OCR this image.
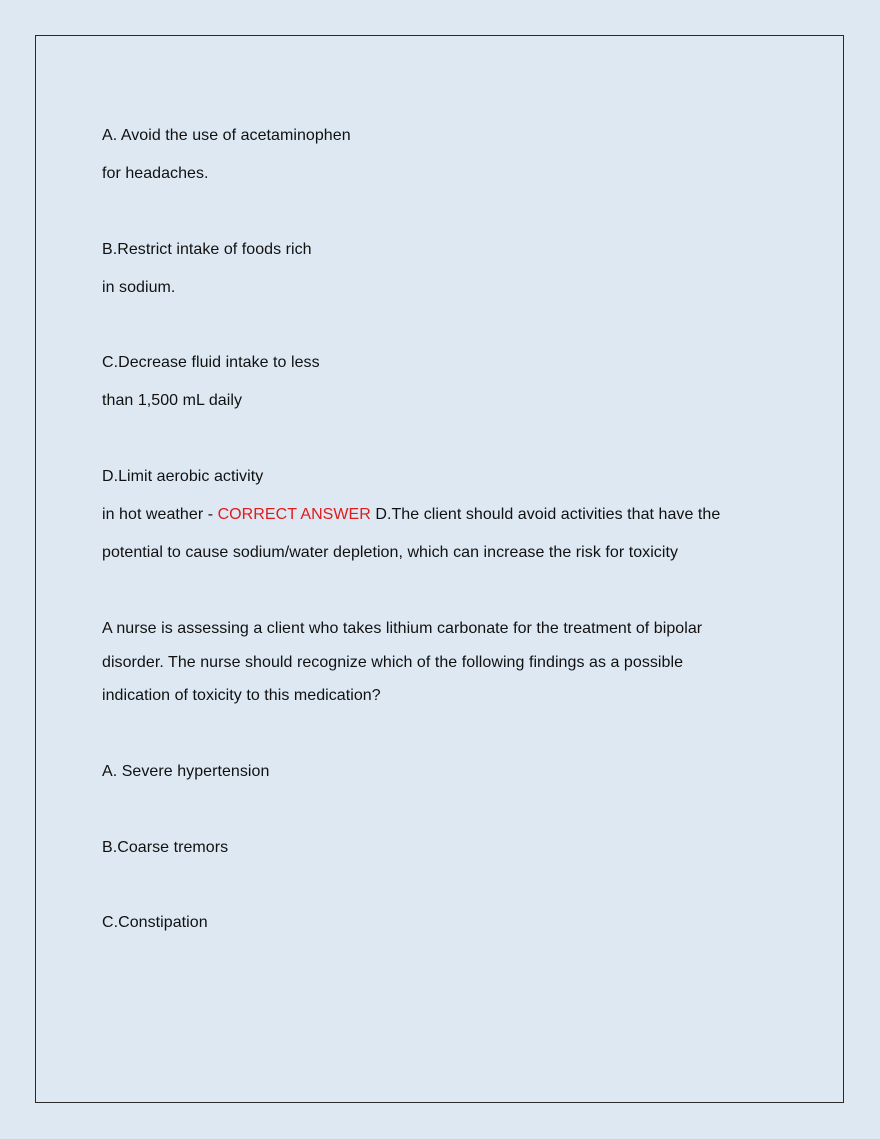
A. Avoid the use of acetaminophen
for headaches.
B.Restrict intake of foods rich
in sodium.
C.Decrease fluid intake to less
than 1,500 mL daily
D.Limit aerobic activity
in hot weather - CORRECT ANSWER D.The client should avoid activities that have the
potential to cause sodium/water depletion, which can increase the risk for toxicity
A nurse is assessing a client who takes lithium carbonate for the treatment of bipolar
disorder. The nurse should recognize which of the following findings as a possible
indication of toxicity to this medication?
A. Severe hypertension
B.Coarse tremors
C.Constipation
